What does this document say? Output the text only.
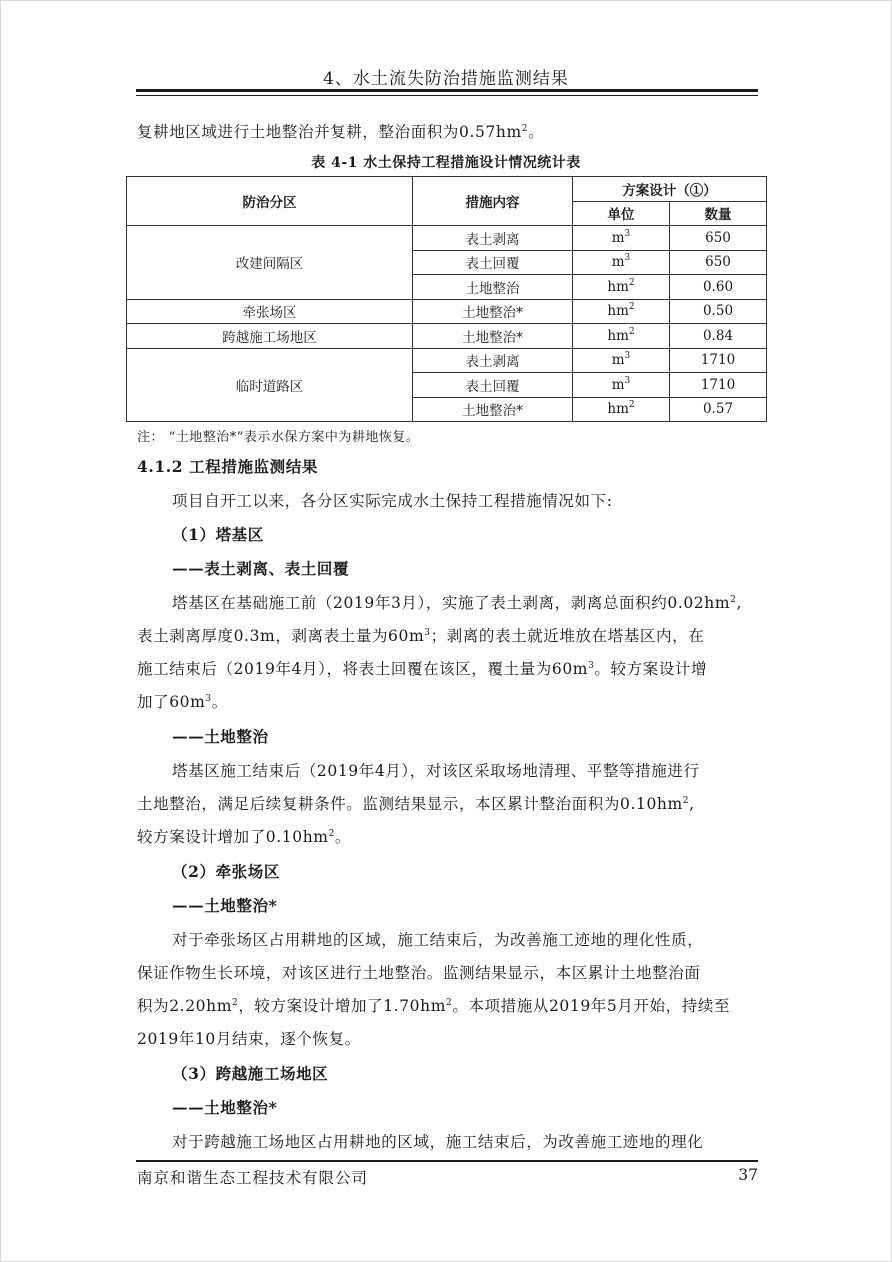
4、水土流失防治措施监测结果
复耕地区域进行土地整治并复耕，整治面积为$0.57hm^2$。
表 4-1 水土保持工程措施设计情况统计表
防治分区	措施内容	方案设计（①）	
		单位	数量
改建间隔区	表土剥离	$m^3$	650
	表土回覆	$m^3$	650
	土地整治	$hm^2$	0.60
牵张场区	土地整治*	$hm^2$	0.50
跨越施工场地区	土地整治*	$hm^2$	0.84
临时道路区	表土剥离	$m^3$	1710
	表土回覆	$m^3$	1710
	土地整治*	$hm^2$	0.57
注： “土地整治*”表示水保方案中为耕地恢复。
4.1.2 工程措施监测结果
项目自开工以来，各分区实际完成水土保持工程措施情况如下:
（1）塔基区
——表土剥离、表土回覆
塔基区在基础施工前（2019年3月），实施了表土剥离，剥离总面积约$0.02hm^2$,
表土剥离厚度0.3m，剥离表土量为$60m^3$；剥离的表土就近堆放在塔基区内，在
施工结束后（2019年4月），将表土回覆在该区，覆土量为$60m^3$。较方案设计增
加了$60m^3$。
——土地整治
塔基区施工结束后（2019年4月），对该区采取场地清理、平整等措施进行
土地整治，满足后续复耕条件。监测结果显示，本区累计整治面积为$0.10hm^2$,
较方案设计增加了$0.10hm^2$。
（2）牵张场区
——土地整治*
对于牵张场区占用耕地的区域，施工结束后，为改善施工迹地的理化性质，
保证作物生长环境，对该区进行土地整治。监测结果显示，本区累计土地整治面
积为$2.20hm^2$，较方案设计增加了$1.70hm^2$。本项措施从2019年5月开始，持续至
2019年10月结束，逐个恢复。
（3）跨越施工场地区
——土地整治*
对于跨越施工场地区占用耕地的区域，施工结束后，为改善施工迹地的理化
南京和谐生态工程技术有限公司	37
